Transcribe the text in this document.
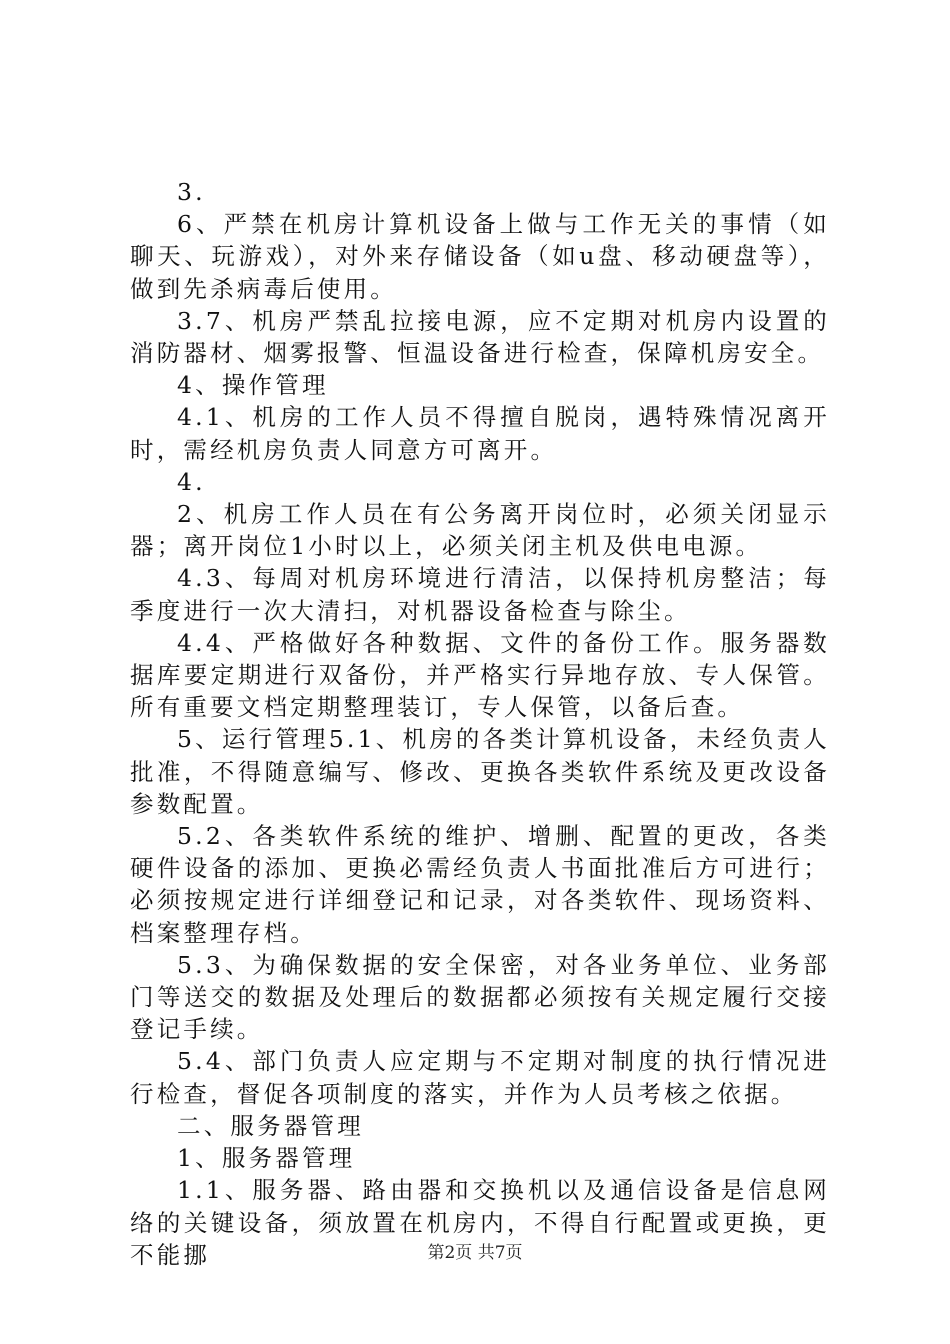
3.

6、严禁在机房计算机设备上做与工作无关的事情（如聊天、玩游戏），对外来存储设备（如u盘、移动硬盘等），做到先杀病毒后使用。

3.7、机房严禁乱拉接电源，应不定期对机房内设置的消防器材、烟雾报警、恒温设备进行检查，保障机房安全。

4、操作管理

4.1、机房的工作人员不得擅自脱岗，遇特殊情况离开时，需经机房负责人同意方可离开。

4.

2、机房工作人员在有公务离开岗位时，必须关闭显示器；离开岗位1小时以上，必须关闭主机及供电电源。

4.3、每周对机房环境进行清洁，以保持机房整洁；每季度进行一次大清扫，对机器设备检查与除尘。

4.4、严格做好各种数据、文件的备份工作。服务器数据库要定期进行双备份，并严格实行异地存放、专人保管。所有重要文档定期整理装订，专人保管，以备后查。

5、运行管理5.1、机房的各类计算机设备，未经负责人批准，不得随意编写、修改、更换各类软件系统及更改设备参数配置。

5.2、各类软件系统的维护、增删、配置的更改，各类硬件设备的添加、更换必需经负责人书面批准后方可进行；必须按规定进行详细登记和记录，对各类软件、现场资料、档案整理存档。

5.3、为确保数据的安全保密，对各业务单位、业务部门等送交的数据及处理后的数据都必须按有关规定履行交接登记手续。

5.4、部门负责人应定期与不定期对制度的执行情况进行检查，督促各项制度的落实，并作为人员考核之依据。

二、服务器管理

1、服务器管理

1.1、服务器、路由器和交换机以及通信设备是信息网络的关键设备，须放置在机房内，不得自行配置或更换，更不能挪	第2页 共7页
